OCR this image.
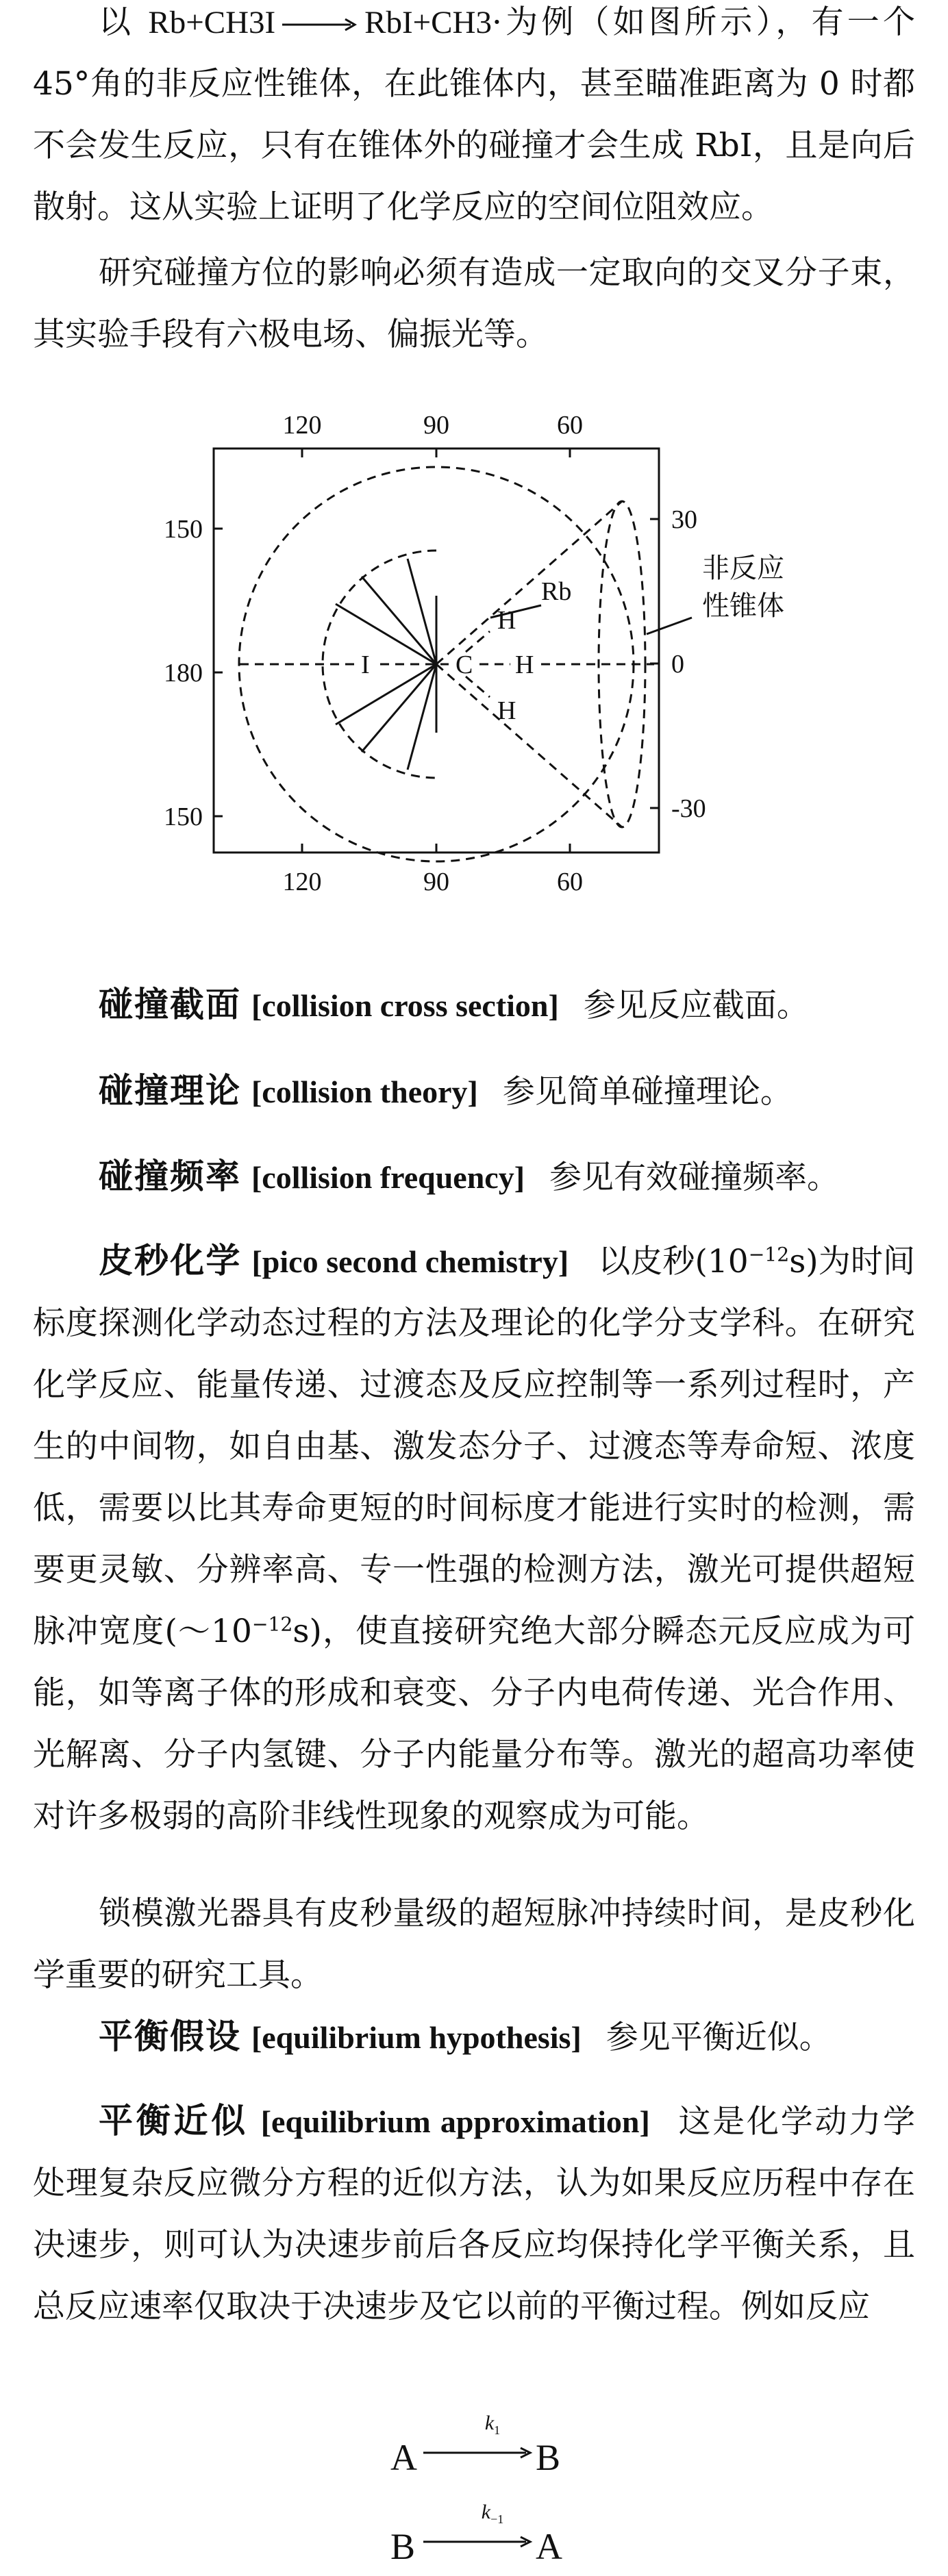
以 Rb+CH3I → RbI+CH3·为例（如图所示），有一个45°角的非反应性锥体，在此锥体内，甚至瞄准距离为 0 时都不会发生反应，只有在锥体外的碰撞才会生成 RbI，且是向后散射。这从实验上证明了化学反应的空间位阻效应。

研究碰撞方位的影响必须有造成一定取向的交叉分子束，其实验手段有六极电场、偏振光等。

120	90	60
120	90	60
150
180
150
30
0
-30
Rb
H
I	C H
H
非反应
性锥体

碰撞截面 [collision cross section] 参见反应截面。

碰撞理论 [collision theory] 参见简单碰撞理论。

碰撞频率 [collision frequency] 参见有效碰撞频率。

皮秒化学 [pico second chemistry] 以皮秒$(10^{-12}s)$为时间标度探测化学动态过程的方法及理论的化学分支学科。在研究化学反应、能量传递、过渡态及反应控制等一系列过程时，产生的中间物，如自由基、激发态分子、过渡态等寿命短、浓度低，需要以比其寿命更短的时间标度才能进行实时的检测，需要更灵敏、分辨率高、专一性强的检测方法，激光可提供超短脉冲宽度$(\sim 10^{-12}s)$，使直接研究绝大部分瞬态元反应成为可能，如等离子体的形成和衰变、分子内电荷传递、光合作用、光解离、分子内氢键、分子内能量分布等。激光的超高功率使对许多极弱的高阶非线性现象的观察成为可能。

锁模激光器具有皮秒量级的超短脉冲持续时间，是皮秒化学重要的研究工具。

平衡假设 [equilibrium hypothesis] 参见平衡近似。

平衡近似 [equilibrium approximation] 这是化学动力学处理复杂反应微分方程的近似方法，认为如果反应历程中存在决速步，则可认为决速步前后各反应均保持化学平衡关系，且总反应速率仅取决于决速步及它以前的平衡过程。例如反应

A
$k_1$
B
B
$k_{-1}$
A
